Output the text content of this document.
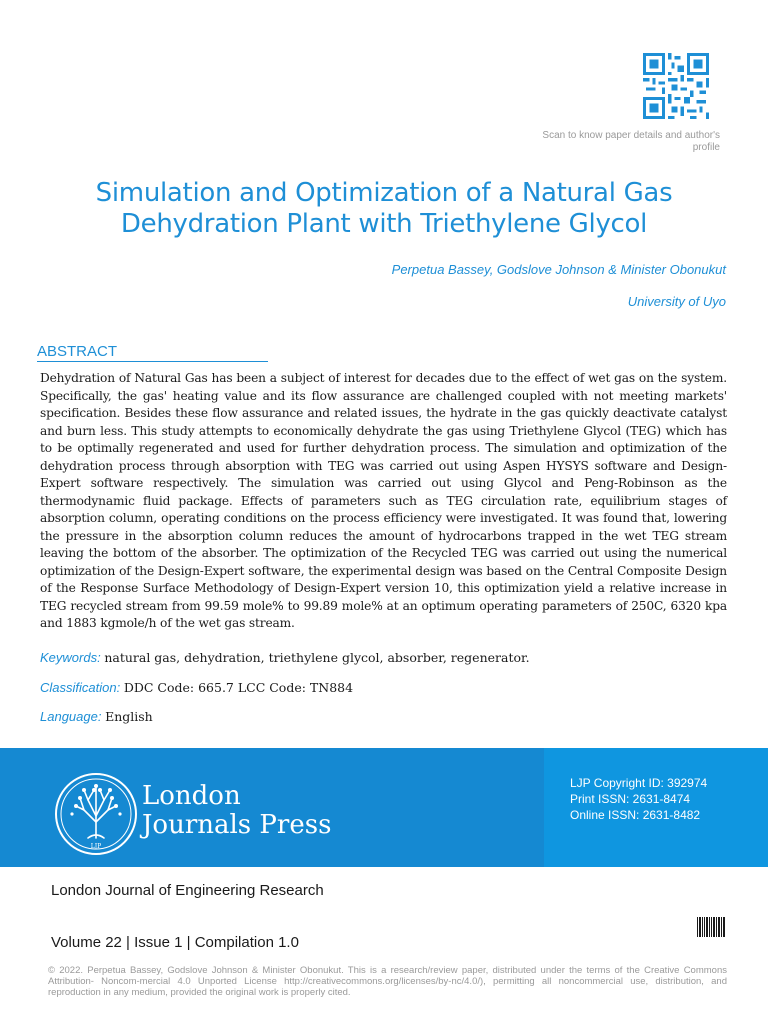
Scan to know paper details and author's profile
Simulation and Optimization of a Natural Gas Dehydration Plant with Triethylene Glycol
Perpetua Bassey, Godslove Johnson & Minister Obonukut
University of Uyo
ABSTRACT

Dehydration of Natural Gas has been a subject of interest for decades due to the effect of wet gas on the system. Specifically, the gas' heating value and its flow assurance are challenged coupled with not meeting markets' specification. Besides these flow assurance and related issues, the hydrate in the gas quickly deactivate catalyst and burn less. This study attempts to economically dehydrate the gas using Triethylene Glycol (TEG) which has to be optimally regenerated and used for further dehydration process. The simulation and optimization of the dehydration process through absorption with TEG was carried out using Aspen HYSYS software and Design-Expert software respectively. The simulation was carried out using Glycol and Peng-Robinson as the thermodynamic fluid package. Effects of parameters such as TEG circulation rate, equilibrium stages of absorption column, operating conditions on the process efficiency were investigated. It was found that, lowering the pressure in the absorption column reduces the amount of hydrocarbons trapped in the wet TEG stream leaving the bottom of the absorber. The optimization of the Recycled TEG was carried out using the numerical optimization of the Design-Expert software, the experimental design was based on the Central Composite Design of the Response Surface Methodology of Design-Expert version 10, this optimization yield a relative increase in TEG recycled stream from 99.59 mole% to 99.89 mole% at an optimum operating parameters of 250C, 6320 kpa and 1883 kgmole/h of the wet gas stream.

Keywords: natural gas, dehydration, triethylene glycol, absorber, regenerator.
Classification: DDC Code: 665.7 LCC Code: TN884
Language: English
LJP
London
Journals Press
LJP Copyright ID: 392974
Print ISSN: 2631-8474
Online ISSN: 2631-8482
London Journal of Engineering Research
Volume 22 | Issue 1 | Compilation 1.0
© 2022. Perpetua Bassey, Godslove Johnson & Minister Obonukut. This is a research/review paper, distributed under the terms of the Creative Commons Attribution- Noncom-mercial 4.0 Unported License http://creativecommons.org/licenses/by-nc/4.0/), permitting all noncommercial use, distribution, and reproduction in any medium, provided the original work is properly cited.
